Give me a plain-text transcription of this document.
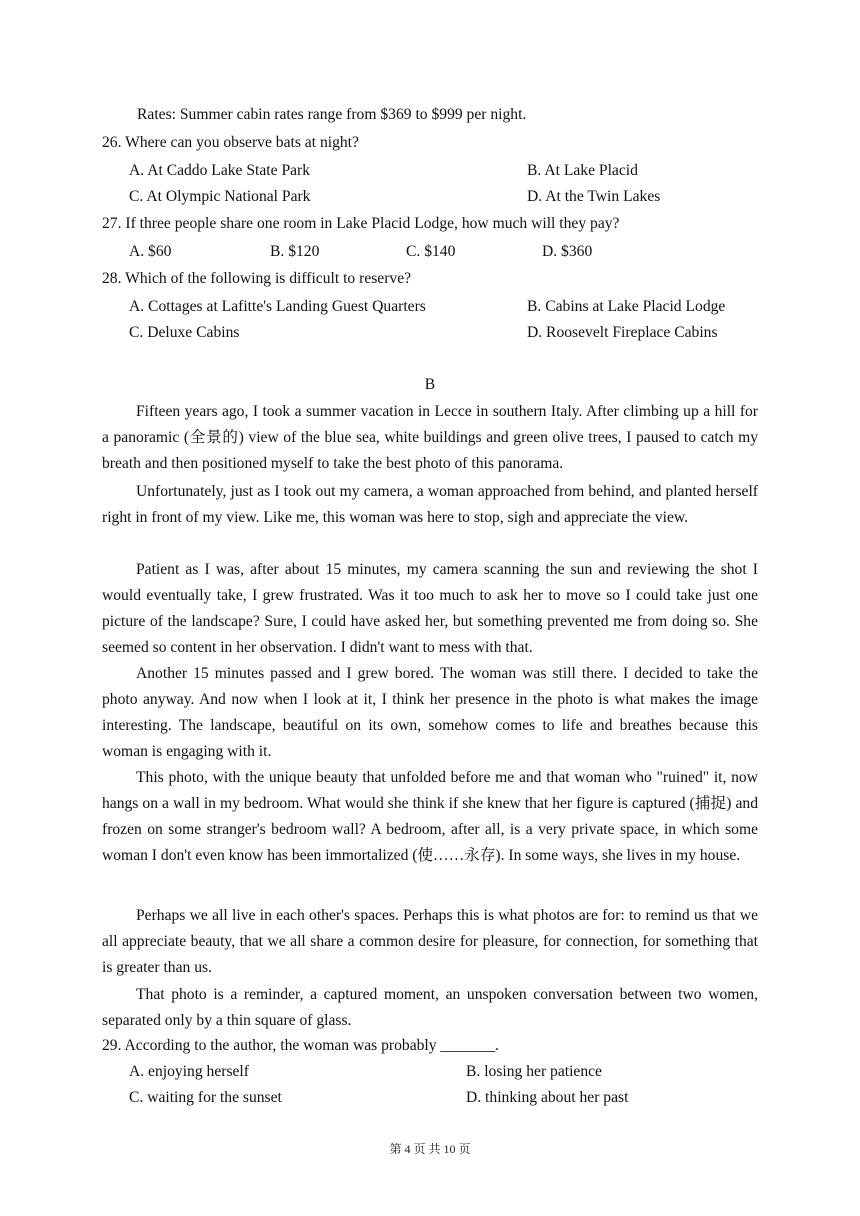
Rates: Summer cabin rates range from $369 to $999 per night.
26. Where can you observe bats at night?
A. At Caddo Lake State Park	B. At Lake Placid
C. At Olympic National Park	D. At the Twin Lakes
27. If three people share one room in Lake Placid Lodge, how much will they pay?
A. $60	B. $120	C. $140	D. $360
28. Which of the following is difficult to reserve?
A. Cottages at Lafitte's Landing Guest Quarters	B. Cabins at Lake Placid Lodge
C. Deluxe Cabins	D. Roosevelt Fireplace Cabins
B
Fifteen years ago, I took a summer vacation in Lecce in southern Italy. After climbing up a hill for a panoramic (全景的) view of the blue sea, white buildings and green olive trees, I paused to catch my breath and then positioned myself to take the best photo of this panorama.
Unfortunately, just as I took out my camera, a woman approached from behind, and planted herself right in front of my view. Like me, this woman was here to stop, sigh and appreciate the view.
Patient as I was, after about 15 minutes, my camera scanning the sun and reviewing the shot I would eventually take, I grew frustrated. Was it too much to ask her to move so I could take just one picture of the landscape? Sure, I could have asked her, but something prevented me from doing so. She seemed so content in her observation. I didn't want to mess with that.
Another 15 minutes passed and I grew bored. The woman was still there. I decided to take the photo anyway. And now when I look at it, I think her presence in the photo is what makes the image interesting. The landscape, beautiful on its own, somehow comes to life and breathes because this woman is engaging with it.
This photo, with the unique beauty that unfolded before me and that woman who "ruined" it, now hangs on a wall in my bedroom. What would she think if she knew that her figure is captured (捕捉) and frozen on some stranger's bedroom wall? A bedroom, after all, is a very private space, in which some woman I don't even know has been immortalized (使……永存). In some ways, she lives in my house.
Perhaps we all live in each other's spaces. Perhaps this is what photos are for: to remind us that we all appreciate beauty, that we all share a common desire for pleasure, for connection, for something that is greater than us.
That photo is a reminder, a captured moment, an unspoken conversation between two women, separated only by a thin square of glass.
29. According to the author, the woman was probably _______.
A. enjoying herself	B. losing her patience
C. waiting for the sunset	D. thinking about her past
第 4 页 共 10 页
